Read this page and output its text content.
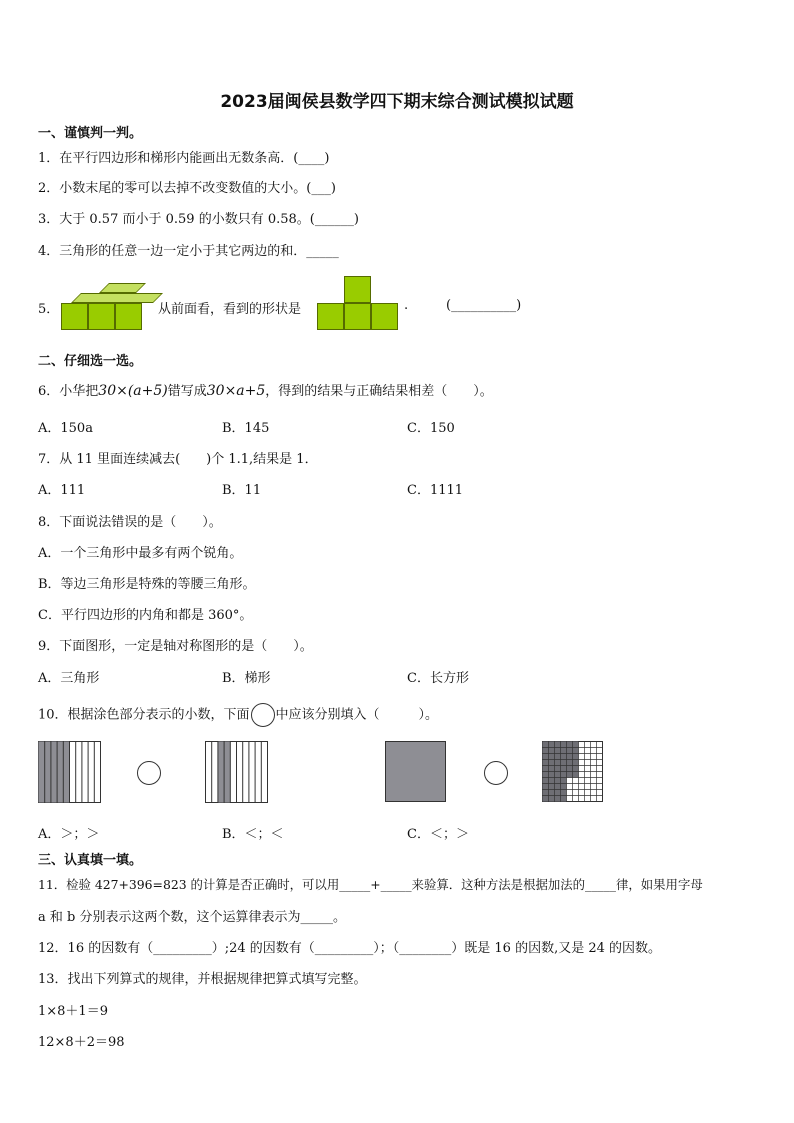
2023届闽侯县数学四下期末综合测试模拟试题
一、谨慎判一判。
1．在平行四边形和梯形内能画出无数条高．(____)
2．小数末尾的零可以去掉不改变数值的大小。(___)
3．大于 0.57 而小于 0.59 的小数只有 0.58。(______)
4．三角形的任意一边一定小于其它两边的和．_____
5．	从前面看，看到的形状是	.	(__________)
二、仔细选一选。
6．小华把30×(a+5)错写成30×a+5，得到的结果与正确结果相差（　　）。
A．150a	B．145	C．150
7．从 11 里面连续减去(　　)个 1.1,结果是 1．
A．111	B．11	C．1111
8．下面说法错误的是（　　）。
A．一个三角形中最多有两个锐角。
B．等边三角形是特殊的等腰三角形。
C．平行四边形的内角和都是 360°。
9．下面图形，一定是轴对称图形的是（　　）。
A．三角形	B．梯形	C．长方形
10．根据涂色部分表示的小数，下面 中应该分别填入（　　　）。
A．＞；＞	B．＜；＜	C．＜；＞
三、认真填一填。
11．检验 427+396=823 的计算是否正确时，可以用_____+_____来验算．这种方法是根据加法的_____律，如果用字母
a 和 b 分别表示这两个数，这个运算律表示为_____。
12．16 的因数有（_________）;24 的因数有（_________）；（________）既是 16 的因数,又是 24 的因数。
13．找出下列算式的规律，并根据规律把算式填写完整。
1×8＋1＝9
12×8＋2＝98
